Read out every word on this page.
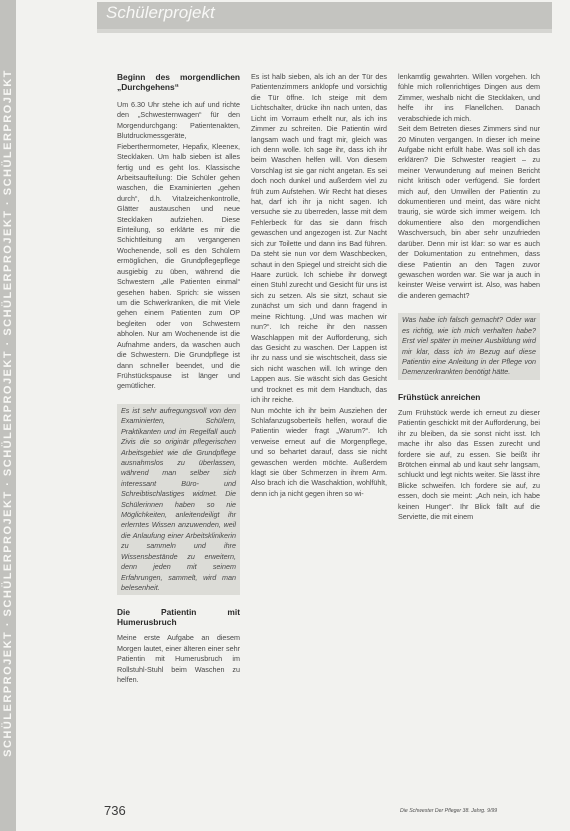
SCHÜLERPROJEKT · SCHÜLERPROJEKT · SCHÜLERPROJEKT · SCHÜLERPROJEKT · SCHÜLERPROJEKT
Schülerprojekt
Beginn des morgendlichen „Durchgehens“

Um 6.30 Uhr stehe ich auf und richte den „Schwesternwagen“ für den Morgendurchgang: Patientenakten, Blutdruckmessgeräte, Fieberthermometer, Hepafix, Kleenex, Stecklaken. Um halb sieben ist alles fertig und es geht los. Klassische Arbeitsaufteilung: Die Schüler gehen waschen, die Examinierten „gehen durch“, d.h. Vitalzeichenkontrolle, Glätter austauschen und neue Stecklaken aufziehen. Diese Einteilung, so erklärte es mir die Schichtleitung am vergangenen Wochenende, soll es den Schülern ermöglichen, die Grundpflegepflege ausgiebig zu üben, während die Schwestern „alle Patienten einmal“ gesehen haben. Sprich: sie wissen um die Schwerkranken, die mit Viele gehen einem Patienten zum OP begleiten oder von Schwestern abholen. Nur am Wochenende ist die Aufnahme anders, da waschen auch die Schwestern. Die Grundpflege ist dann schneller beendet, und die Frühstückspause ist länger und gemütlicher.

Es ist sehr aufregungsvoll von den Examinierten, Schülern, Praktikanten und im Regelfall auch Zivis die so originär pflegerischen Arbeitsgebiet wie die Grundpflege ausnahmslos zu überlassen, während man selber sich interessant Büro- und Schreibtischlastiges widmet. Die Schülerinnen haben so nie Möglichkeiten, anleitendeiligt ihr erlerntes Wissen anzuwenden, weil die Anlaufung einer Arbeitsklinikerin zu sammeln und ihre Wissensbestände zu erweitern, denn jeden mit seinem Erfahrungen, sammelt, wird man belesenheit.

Die Patientin mit Humerusbruch

Meine erste Aufgabe an diesem Morgen lautet, einer älteren einer sehr Patientin mit Humerusbruch im Rollstuhl-Stuhl beim Waschen zu helfen.

Es ist halb sieben, als ich an der Tür des Patientenzimmers anklopfe und vorsichtig die Tür öffne. Ich steige mit dem Lichtschalter, drücke ihn nach unten, das Licht im Vorraum erhellt nur, als ich ins Zimmer zu schreiten. Die Patientin wird langsam wach und fragt mir, gleich was ich denn wolle. Ich sage ihr, dass ich ihr beim Waschen helfen will. Von diesem Vorschlag ist sie gar nicht angetan. Es sei doch noch dunkel und außerdem viel zu früh zum Aufstehen. Wir Recht hat dieses hat, darf ich ihr ja nicht sagen. Ich versuche sie zu überreden, lasse mit dem Fehlerbeck für das sie dann frisch gewaschen und angezogen ist. Zur Nacht sich zur Toilette und dann ins Bad führen. Da steht sie nun vor dem Waschbecken, schaut in den Spiegel und streicht sich die Haare zurück. Ich schiebe ihr dorwegt einen Stuhl zurecht und Gesicht für uns ist sich zu setzen. Als sie sitzt, schaut sie zunächst um sich und dann fragend in meine Richtung. „Und was machen wir nun?“. Ich reiche ihr den nassen Waschlappen mit der Aufforderung, sich das Gesicht zu waschen. Der Lappen ist ihr zu nass und sie wischtscheit, dass sie sich nicht waschen will. Ich wringe den Lappen aus. Sie wäscht sich das Gesicht und trocknet es mit dem Handtuch, das ich ihr reiche.

Nun möchte ich ihr beim Ausziehen der Schlafanzugsoberteils helfen, worauf die Patientin wieder fragt „Warum?“. Ich verweise erneut auf die Morgenpflege, und so behartet darauf, dass sie nicht gewaschen werden möchte. Außerdem klagt sie über Schmerzen in ihrem Arm. Also brach ich die Waschaktion, wohlfühlt, denn ich ja nicht gegen ihren so wi-

lenkamtlig gewahrten. Willen vorgehen. Ich fühle mich rollenrichtiges Dingen aus dem Zimmer, weshalb nicht die Stecklaken, und helfe ihr ins Flanellchen. Danach verabschiede ich mich.

Seit dem Betreten dieses Zimmers sind nur 20 Minuten vergangen. In dieser ich meine Aufgabe nicht erfüllt habe. Was soll ich das erklären? Die Schwester reagiert – zu meiner Verwunderung auf meinen Bericht nicht kritisch oder verfügend. Sie fordert mich auf, den Umwillen der Patientin zu dokumentieren und meint, das wäre nicht traurig, sie würde sich immer weigern. Ich dokumentiere also den morgendlichen Waschversuch, bin aber sehr unzufrieden darüber. Denn mir ist klar: so war es auch der Dokumentation zu entnehmen, dass diese Patientin an den Tagen zuvor gewaschen worden war. Sie war ja auch in keinster Weise verwirrt ist. Also, was haben die anderen gemacht?

Was habe ich falsch gemacht? Oder war es richtig, wie ich mich verhalten habe? Erst viel später in meiner Ausbildung wird mir klar, dass ich im Bezug auf diese Patientin eine Anleitung in der Pflege von Demenzerkrankten benötigt hätte.

Frühstück anreichen

Zum Frühstück werde ich erneut zu dieser Patientin geschickt mit der Aufforderung, bei ihr zu bleiben, da sie sonst nicht isst. Ich mache ihr also das Essen zurecht und fordere sie auf, zu essen. Sie beißt ihr Brötchen einmal ab und kaut sehr langsam, schluckt und legt nichts weiter. Sie lässt ihre Blicke schweifen. Ich fordere sie auf, zu essen, doch sie meint: „Ach nein, ich habe keinen Hunger“. Ihr Blick fällt auf die Serviette, die mit einem

736	Die Schwester Der Pfleger 38. Jahrg. 9/99
